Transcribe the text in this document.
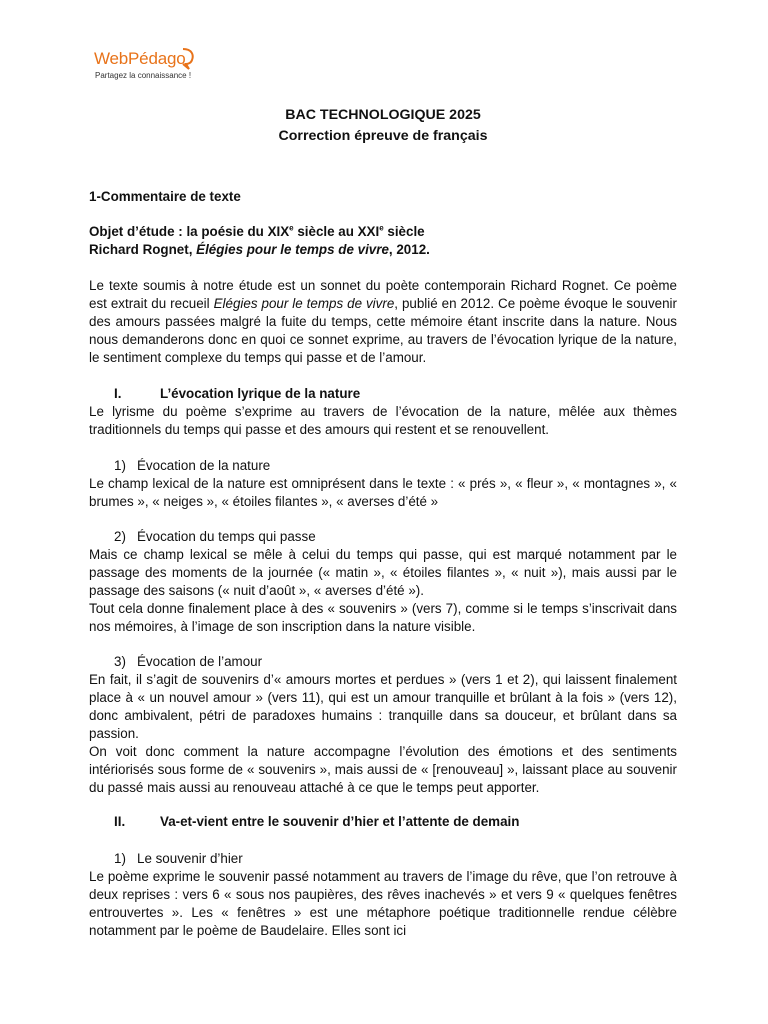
WebPédago
Partagez la connaissance !
BAC TECHNOLOGIQUE 2025
Correction épreuve de français
1-Commentaire de texte
Objet d’étude : la poésie du XIXe siècle au XXIe siècle
Richard Rognet, Élégies pour le temps de vivre, 2012.
Le texte soumis à notre étude est un sonnet du poète contemporain Richard Rognet. Ce poème est extrait du recueil Elégies pour le temps de vivre, publié en 2012. Ce poème évoque le souvenir des amours passées malgré la fuite du temps, cette mémoire étant inscrite dans la nature. Nous nous demanderons donc en quoi ce sonnet exprime, au travers de l’évocation lyrique de la nature, le sentiment complexe du temps qui passe et de l’amour.
I.	L’évocation lyrique de la nature
Le lyrisme du poème s’exprime au travers de l’évocation de la nature, mêlée aux thèmes traditionnels du temps qui passe et des amours qui restent et se renouvellent.
1) Évocation de la nature
Le champ lexical de la nature est omniprésent dans le texte : « prés », « fleur », « montagnes », « brumes », « neiges », « étoiles filantes », « averses d’été »
2) Évocation du temps qui passe
Mais ce champ lexical se mêle à celui du temps qui passe, qui est marqué notamment par le passage des moments de la journée (« matin », « étoiles filantes », « nuit »), mais aussi par le passage des saisons (« nuit d’août », « averses d’été »).
Tout cela donne finalement place à des « souvenirs » (vers 7), comme si le temps s’inscrivait dans nos mémoires, à l’image de son inscription dans la nature visible.
3) Évocation de l’amour
En fait, il s’agit de souvenirs d’« amours mortes et perdues » (vers 1 et 2), qui laissent finalement place à « un nouvel amour » (vers 11), qui est un amour tranquille et brûlant à la fois » (vers 12), donc ambivalent, pétri de paradoxes humains : tranquille dans sa douceur, et brûlant dans sa passion.
On voit donc comment la nature accompagne l’évolution des émotions et des sentiments intériorisés sous forme de « souvenirs », mais aussi de « [renouveau] », laissant place au souvenir du passé mais aussi au renouveau attaché à ce que le temps peut apporter.
II.	Va-et-vient entre le souvenir d’hier et l’attente de demain
1) Le souvenir d’hier
Le poème exprime le souvenir passé notamment au travers de l’image du rêve, que l’on retrouve à deux reprises : vers 6 « sous nos paupières, des rêves inachevés » et vers 9 « quelques fenêtres entrouvertes ». Les « fenêtres » est une métaphore poétique traditionnelle rendue célèbre notamment par le poème de Baudelaire. Elles sont ici
